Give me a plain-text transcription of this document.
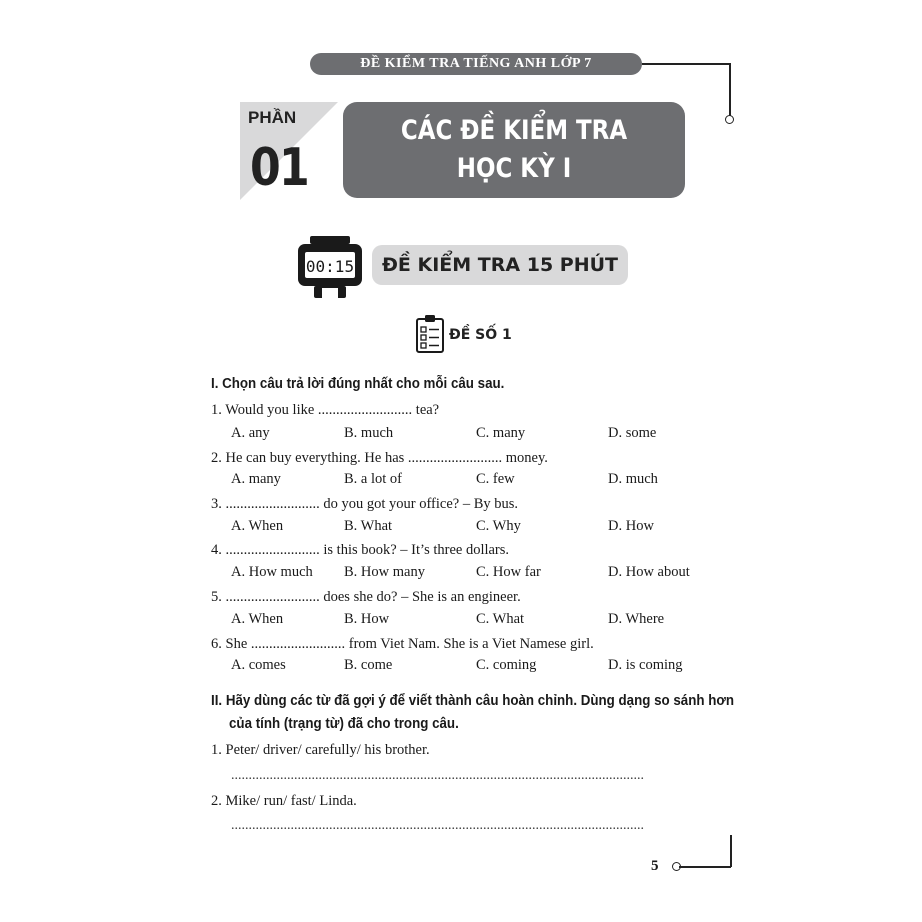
ĐỀ KIỂM TRA TIẾNG ANH LỚP 7
PHẦN
01
CÁC ĐỀ KIỂM TRA
HỌC KỲ I
00:15	ĐỀ KIỂM TRA 15 PHÚT
ĐỀ SỐ 1
I. Chọn câu trả lời đúng nhất cho mỗi câu sau.
1. Would you like .......................... tea?
A. any	B. much	C. many	D. some
2. He can buy everything. He has .......................... money.
A. many	B. a lot of	C. few	D. much
3. .......................... do you got your office? – By bus.
A. When	B. What	C. Why	D. How
4. .......................... is this book? – It’s three dollars.
A. How much B. How many	C. How far	D. How about
5. .......................... does she do? – She is an engineer.
A. When	B. How	C. What	D. Where
6. She .......................... from Viet Nam. She is a Viet Namese girl.
A. comes	B. come	C. coming	D. is coming
II. Hãy dùng các từ đã gợi ý để viết thành câu hoàn chỉnh. Dùng dạng so sánh hơn
của tính (trạng từ) đã cho trong câu.
1. Peter/ driver/ carefully/ his brother.
......................................................................................................................
2. Mike/ run/ fast/ Linda.
......................................................................................................................
5
